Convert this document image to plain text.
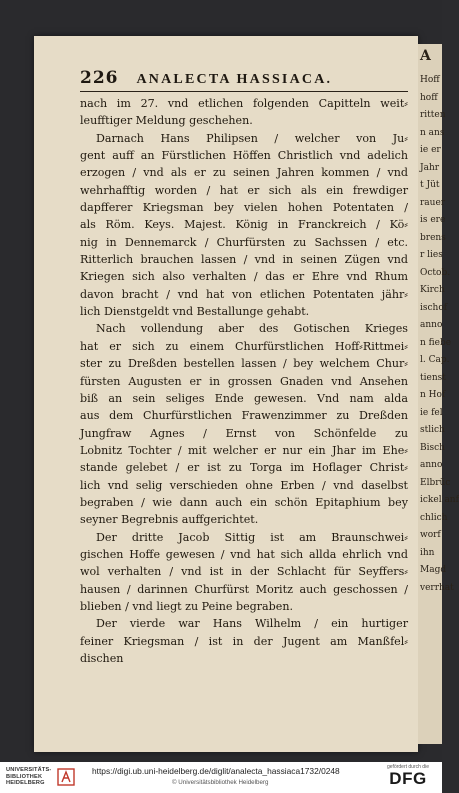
A
Hoff
hoff
ritten
n ans
ie er
Jahr
t Jüt
rauer
is ere
brens
r lies
Octob.
Kirch
ischof
anno
n fiebe
l. Cap.
tienst
n Hof
ie fel
stlich
Bisch
anno
Elbrüc
ickel anf
chlich
worf
ihn
Magd
verrhat
226 ANALECTA HASSIACA.
nach im 27. vnd etlichen folgenden Capitteln weit⸗
leufftiger Meldung geschehen.
Darnach Hans Philipsen / welcher von Ju⸗
gent auff an Fürstlichen Höffen Christlich vnd adelich
erzogen / vnd als er zu seinen Jahren kommen / vnd
wehrhafftig worden / hat er sich als ein frewdiger
dapfferer Kriegsman bey vielen hohen Potentaten /
als Röm. Keys. Majest. König in Franckreich / Kö⸗
nig in Dennemarck / Churfürsten zu Sachssen / etc.
Ritterlich brauchen lassen / vnd in seinen Zügen vnd
Kriegen sich also verhalten / das er Ehre vnd Rhum
davon bracht / vnd hat von etlichen Potentaten jähr⸗
lich Dienstgeldt vnd Bestallunge gehabt.
Nach vollendung aber des Gotischen Krieges
hat er sich zu einem Churfürstlichen Hoff⸗Rittmei⸗
ster zu Dreßden bestellen lassen / bey welchem Chur⸗
fürsten Augusten er in grossen Gnaden vnd Ansehen
biß an sein seliges Ende gewesen. Vnd nam alda
aus dem Churfürstlichen Frawenzimmer zu Dreßden
Jungfraw Agnes / Ernst von Schönfelde zu
Lobnitz Tochter / mit welcher er nur ein Jhar im Ehe⸗
stande gelebet / er ist zu Torga im Hoflager Christ⸗
lich vnd selig verschieden ohne Erben / vnd daselbst
begraben / wie dann auch ein schön Epitaphium bey
seyner Begrebnis auffgerichtet.
Der dritte Jacob Sittig ist am Braunschwei⸗
gischen Hoffe gewesen / vnd hat sich allda ehrlich vnd
wol verhalten / vnd ist in der Schlacht für Seyffers⸗
hausen / darinnen Churfürst Moritz auch geschossen /
blieben / vnd liegt zu Peine begraben.
Der vierde war Hans Wilhelm / ein hurtiger
feiner Kriegsman / ist in der Jugent am Manßfel⸗
dischen
UNIVERSITÄTS-
BIBLIOTHEK
HEIDELBERG
https://digi.ub.uni-heidelberg.de/diglit/analecta_hassiaca1732/0248
© Universitätsbibliothek Heidelberg
gefördert durch die
DFG
